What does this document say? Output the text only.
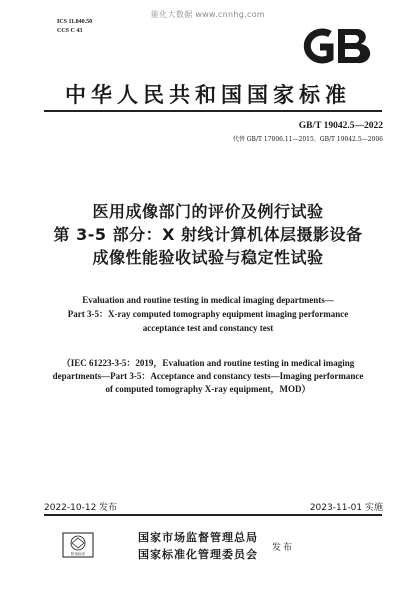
能化大数据 www.cnnhg.com
ICS 11.040.50
CCS C 43
中华人民共和国国家标准
GB/T 19042.5—2022
代替 GB/T 17006.11—2015、GB/T 19042.5—2006
医用成像部门的评价及例行试验
第 3-5 部分：X 射线计算机体层摄影设备
成像性能验收试验与稳定性试验
Evaluation and routine testing in medical imaging departments—
Part 3-5：X-ray computed tomography equipment imaging performance
acceptance test and constancy test
（IEC 61223-3-5：2019，Evaluation and routine testing in medical imaging
departments—Part 3-5：Acceptance and constancy tests—Imaging performance
of computed tomography X-ray equipment，MOD）
2022-10-12 发布	2023-11-01 实施
防伪标识
国家市场监督管理总局
国家标准化管理委员会 发布
